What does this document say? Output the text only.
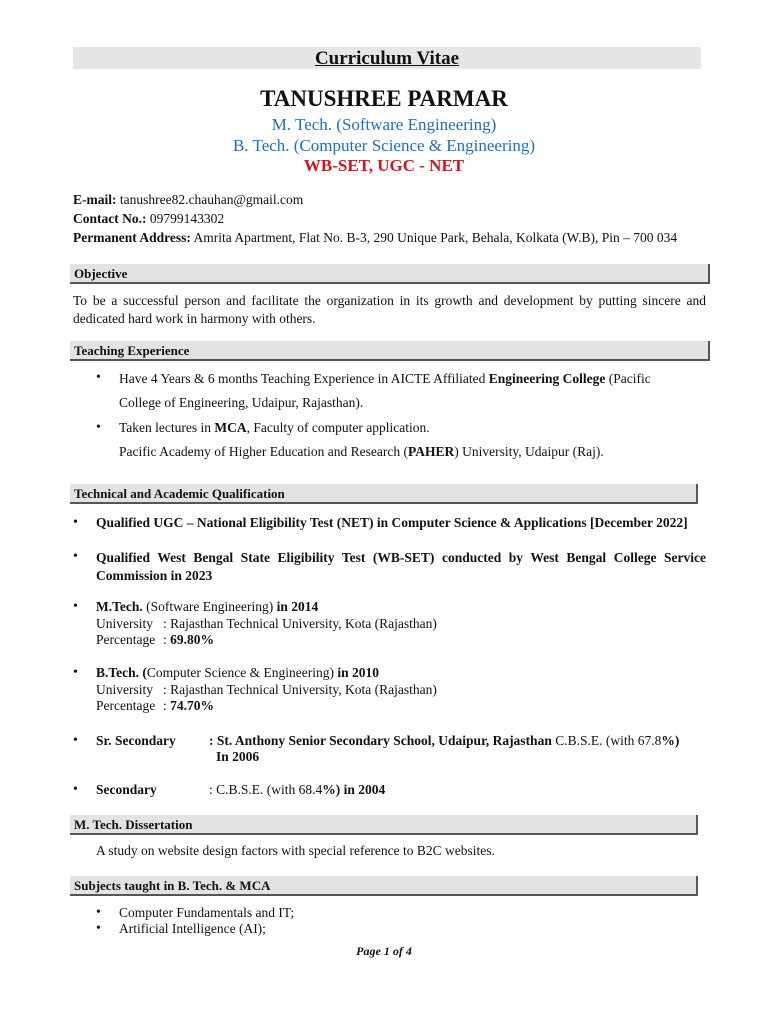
Curriculum Vitae
TANUSHREE PARMAR
M. Tech. (Software Engineering)
B. Tech. (Computer Science & Engineering)
WB-SET, UGC - NET
E-mail: tanushree82.chauhan@gmail.com
Contact No.: 09799143302
Permanent Address: Amrita Apartment, Flat No. B-3, 290 Unique Park, Behala, Kolkata (W.B), Pin – 700 034
Objective
To be a successful person and facilitate the organization in its growth and development by putting sincere and dedicated hard work in harmony with others.
Teaching Experience
• Have 4 Years & 6 months Teaching Experience in AICTE Affiliated Engineering College (Pacific
College of Engineering, Udaipur, Rajasthan).
• Taken lectures in MCA, Faculty of computer application.
Pacific Academy of Higher Education and Research (PAHER) University, Udaipur (Raj).
Technical and Academic Qualification
• Qualified UGC – National Eligibility Test (NET) in Computer Science & Applications [December 2022]
• Qualified West Bengal State Eligibility Test (WB-SET) conducted by West Bengal College Service Commission in 2023
• M.Tech. (Software Engineering) in 2014
University : Rajasthan Technical University, Kota (Rajasthan)
Percentage : 69.80%
• B.Tech. (Computer Science & Engineering) in 2010
University : Rajasthan Technical University, Kota (Rajasthan)
Percentage : 74.70%
• Sr. Secondary : St. Anthony Senior Secondary School, Udaipur, Rajasthan C.B.S.E. (with 67.8%)
In 2006
• Secondary	: C.B.S.E. (with 68.4%) in 2004
M. Tech. Dissertation
A study on website design factors with special reference to B2C websites.
Subjects taught in B. Tech. & MCA
• Computer Fundamentals and IT;
• Artificial Intelligence (AI);
Page 1 of 4
